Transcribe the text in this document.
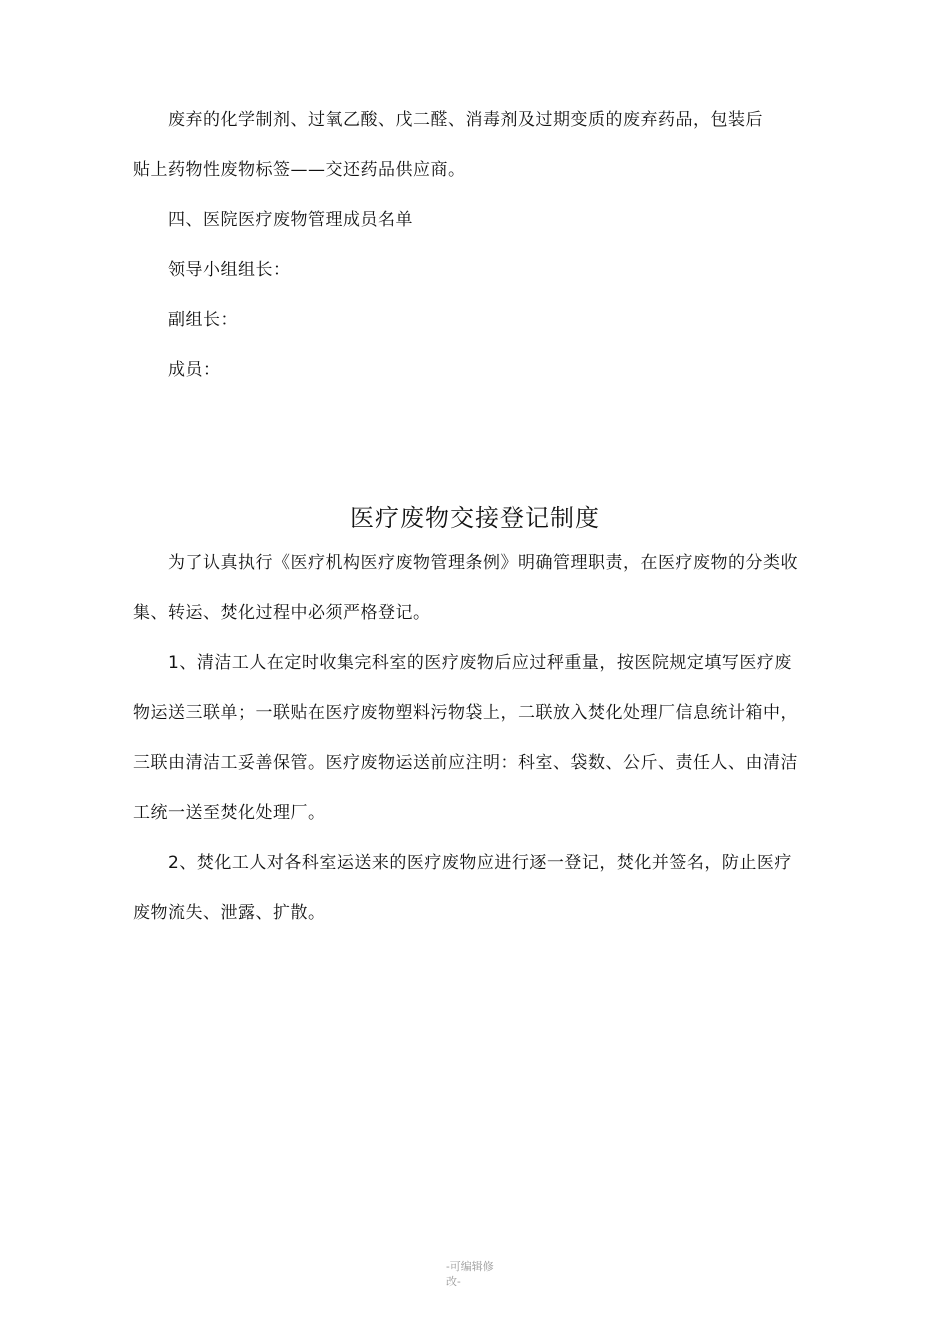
废弃的化学制剂、过氧乙酸、戊二醛、消毒剂及过期变质的废弃药品，包装后
贴上药物性废物标签——交还药品供应商。
四、医院医疗废物管理成员名单
领导小组组长：
副组长：
成员：
医疗废物交接登记制度
为了认真执行《医疗机构医疗废物管理条例》明确管理职责，在医疗废物的分类收
集、转运、焚化过程中必须严格登记。
1、清洁工人在定时收集完科室的医疗废物后应过秤重量，按医院规定填写医疗废
物运送三联单；一联贴在医疗废物塑料污物袋上，二联放入焚化处理厂信息统计箱中，
三联由清洁工妥善保管。医疗废物运送前应注明：科室、袋数、公斤、责任人、由清洁
工统一送至焚化处理厂。
2、焚化工人对各科室运送来的医疗废物应进行逐一登记，焚化并签名，防止医疗
废物流失、泄露、扩散。
-可编辑修
改-
